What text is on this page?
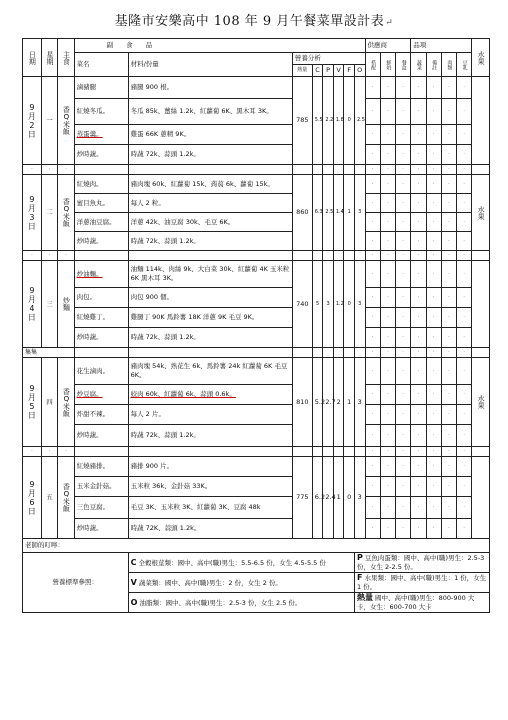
基隆市安樂高中 108 年 9 月午餐菜單設計表↵
日期	星期	主食	副　　食　　品								供應商			品項				水果

			菜名	材料/份量	營養分析						搭配	鮮奶	餐盒	蔬菜	備註	肉類	豆乳	

					熱量	C	P	V	F	O								

9
月
2
日	一	香Q米飯	滷豬腿	豬腿 900 根。	785	5.5	2.2	1.8	0	2.5	·	·	·	·	·	·	·	

			紅燒冬瓜。	冬瓜 85k、薑絲 1.2k、紅蘿蔔 6K、黑木耳 3K。							·	·	·	·	·	·	·	
			蒸蛋羹。	雞蛋 66K 蔥精 9K。							·	·	·	·	·	·	·	
			炒時蔬。	時蔬 72k、蒜頭 1.2k。							·	·	·	·	·	·	·	
·	·	·									·	·	·	·	·	·	·	

9
月
3
日	二	香Q米飯	紅燒肉。	豬肉塊 60k、紅蘿蔔 15k、蒟蒻 6k、蘿蔔 15k。	860	6.3	2.5	1.4	1	3	·	·	·	·	·	·	·	水果

			蜜目魚丸。	每人 2 粒。							·	·	·	·	·	·	·	
			洋蔥油豆腐。	洋蔥 42k、油豆腐 30k、毛豆 6K。							·	·	·	·	·	·	·	
			炒時蔬。	時蔬 72k、蒜頭 1.2k。							·	·	·	·	·	·	·	
·	·	·									·	·	·	·	·	·	·	

9
月
4
日	三	炒麵	炒油麵。	油麵 114k、肉絲 9k、大白菜 30k、紅蘿蔔 4K 玉米粒 6K 黑木耳 3K。	740	5	3	1.2	0	3	·	·	·	·	·	·	·	

			肉包。	肉包 900 個。							·	·	·	·	·	·	·	
			紅燒雞丁。	雞腿丁 90K 馬鈴薯 18K 洋蔥 9K 毛豆 9K。							·	·	·	·	·	·	·	
			炒時蔬。	時蔬 72k、蒜頭 1.2k。							·	·	·	·	·	·	·	
集集											·	·	·	·	·	·	·	

9
月
5
日	四	香Q米飯	花生滷肉。	豬肉塊 54k、熟花生 6k、馬鈴薯 24k 紅蘿蔔 6K 毛豆 6K。	810	5.2	2.7	2	1	3	·	·	·	·	·	·	·	水果

			炒豆腐。	絞肉 60k、紅蘿蔔 6k、蒜頭 0.6k。							·	·	·	·	·	·	·	
			炸甜不辣。	每人 2 片。							·	·	·	·	·	·	·	
			炒時蔬。	時蔬 72k、蒜頭 1.2k。							·	·	·	·	·	·	·	
·	·	·									·	·	·	·	·	·	·	

9
月
6
日	五	香Q米飯	紅燒豬排。	豬排 900 片。	775	6.2	2.4	1	0	3	·	·	·	·	·	·	·	

			玉米金針菇。	玉米粒 36k、金針菇 33K。							·	·	·	·	·	·	·	
			三色豆腐。	毛豆 3K、玉米粒 3K、紅蘿蔔 3K、豆腐 48k							·	·	·	·	·	·	·	
			炒時蔬。	時蔬 72K、蒜頭 1.2k。							·	·	·	·	·	·	·	
老師的叮嚀：																		
營養標準參照：				C 全穀根莖類：國中、高中(職)男生：5.5-6.5 份，女生 4.5-5.5 份						P 豆魚肉蛋類：國中、高中(職)男生：2.5-3 份，女生 2-2.5 份。								
				V 蔬菜類：國中、高中(職)男生：2 份，女生 2 份。						F 水果類：國中、高中(職)男生：1 份，女生 1 份。								
				O 油脂類：國中、高中(職)男生：2.5-3 份，女生 2.5 份。						熱量 國中、高中(職)男生：800-900 大卡，女生：600-700 大卡								
